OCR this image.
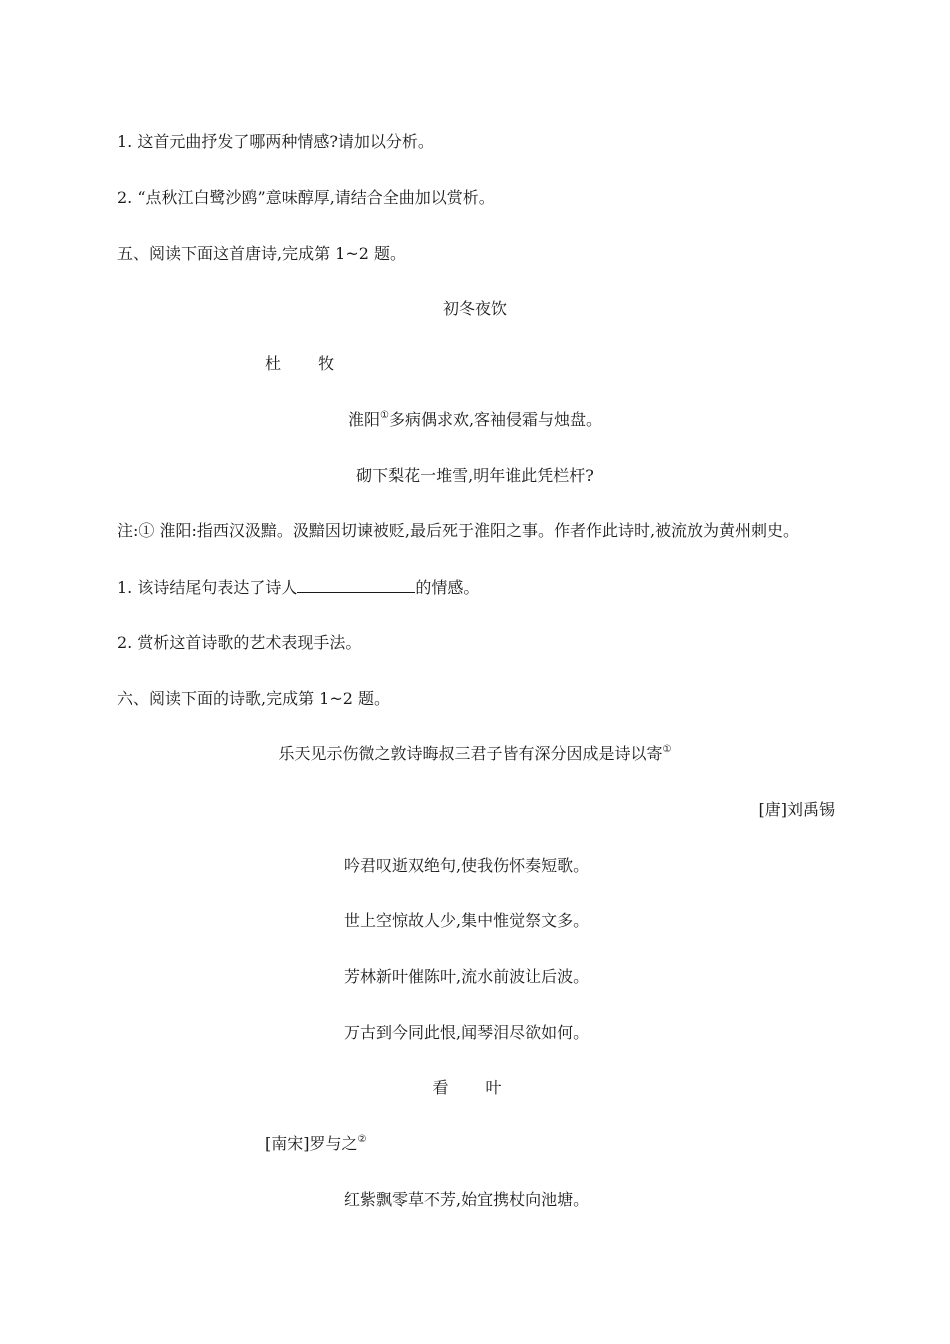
1. 这首元曲抒发了哪两种情感?请加以分析。
2. “点秋江白鹭沙鸥”意味醇厚,请结合全曲加以赏析。
五、阅读下面这首唐诗,完成第 1~2 题。
初冬夜饮
杜 牧
淮阳①多病偶求欢,客袖侵霜与烛盘。
砌下梨花一堆雪,明年谁此凭栏杆?
注:① 淮阳:指西汉汲黯。汲黯因切谏被贬,最后死于淮阳之事。作者作此诗时,被流放为黄州刺史。
1. 该诗结尾句表达了诗人	的情感。
2. 赏析这首诗歌的艺术表现手法。
六、阅读下面的诗歌,完成第 1~2 题。
乐天见示伤微之敦诗晦叔三君子皆有深分因成是诗以寄①
[唐]刘禹锡
吟君叹逝双绝句,使我伤怀奏短歌。
世上空惊故人少,集中惟觉祭文多。
芳林新叶催陈叶,流水前波让后波。
万古到今同此恨,闻琴泪尽欲如何。
看 叶
[南宋]罗与之②
红紫飘零草不芳,始宜携杖向池塘。
